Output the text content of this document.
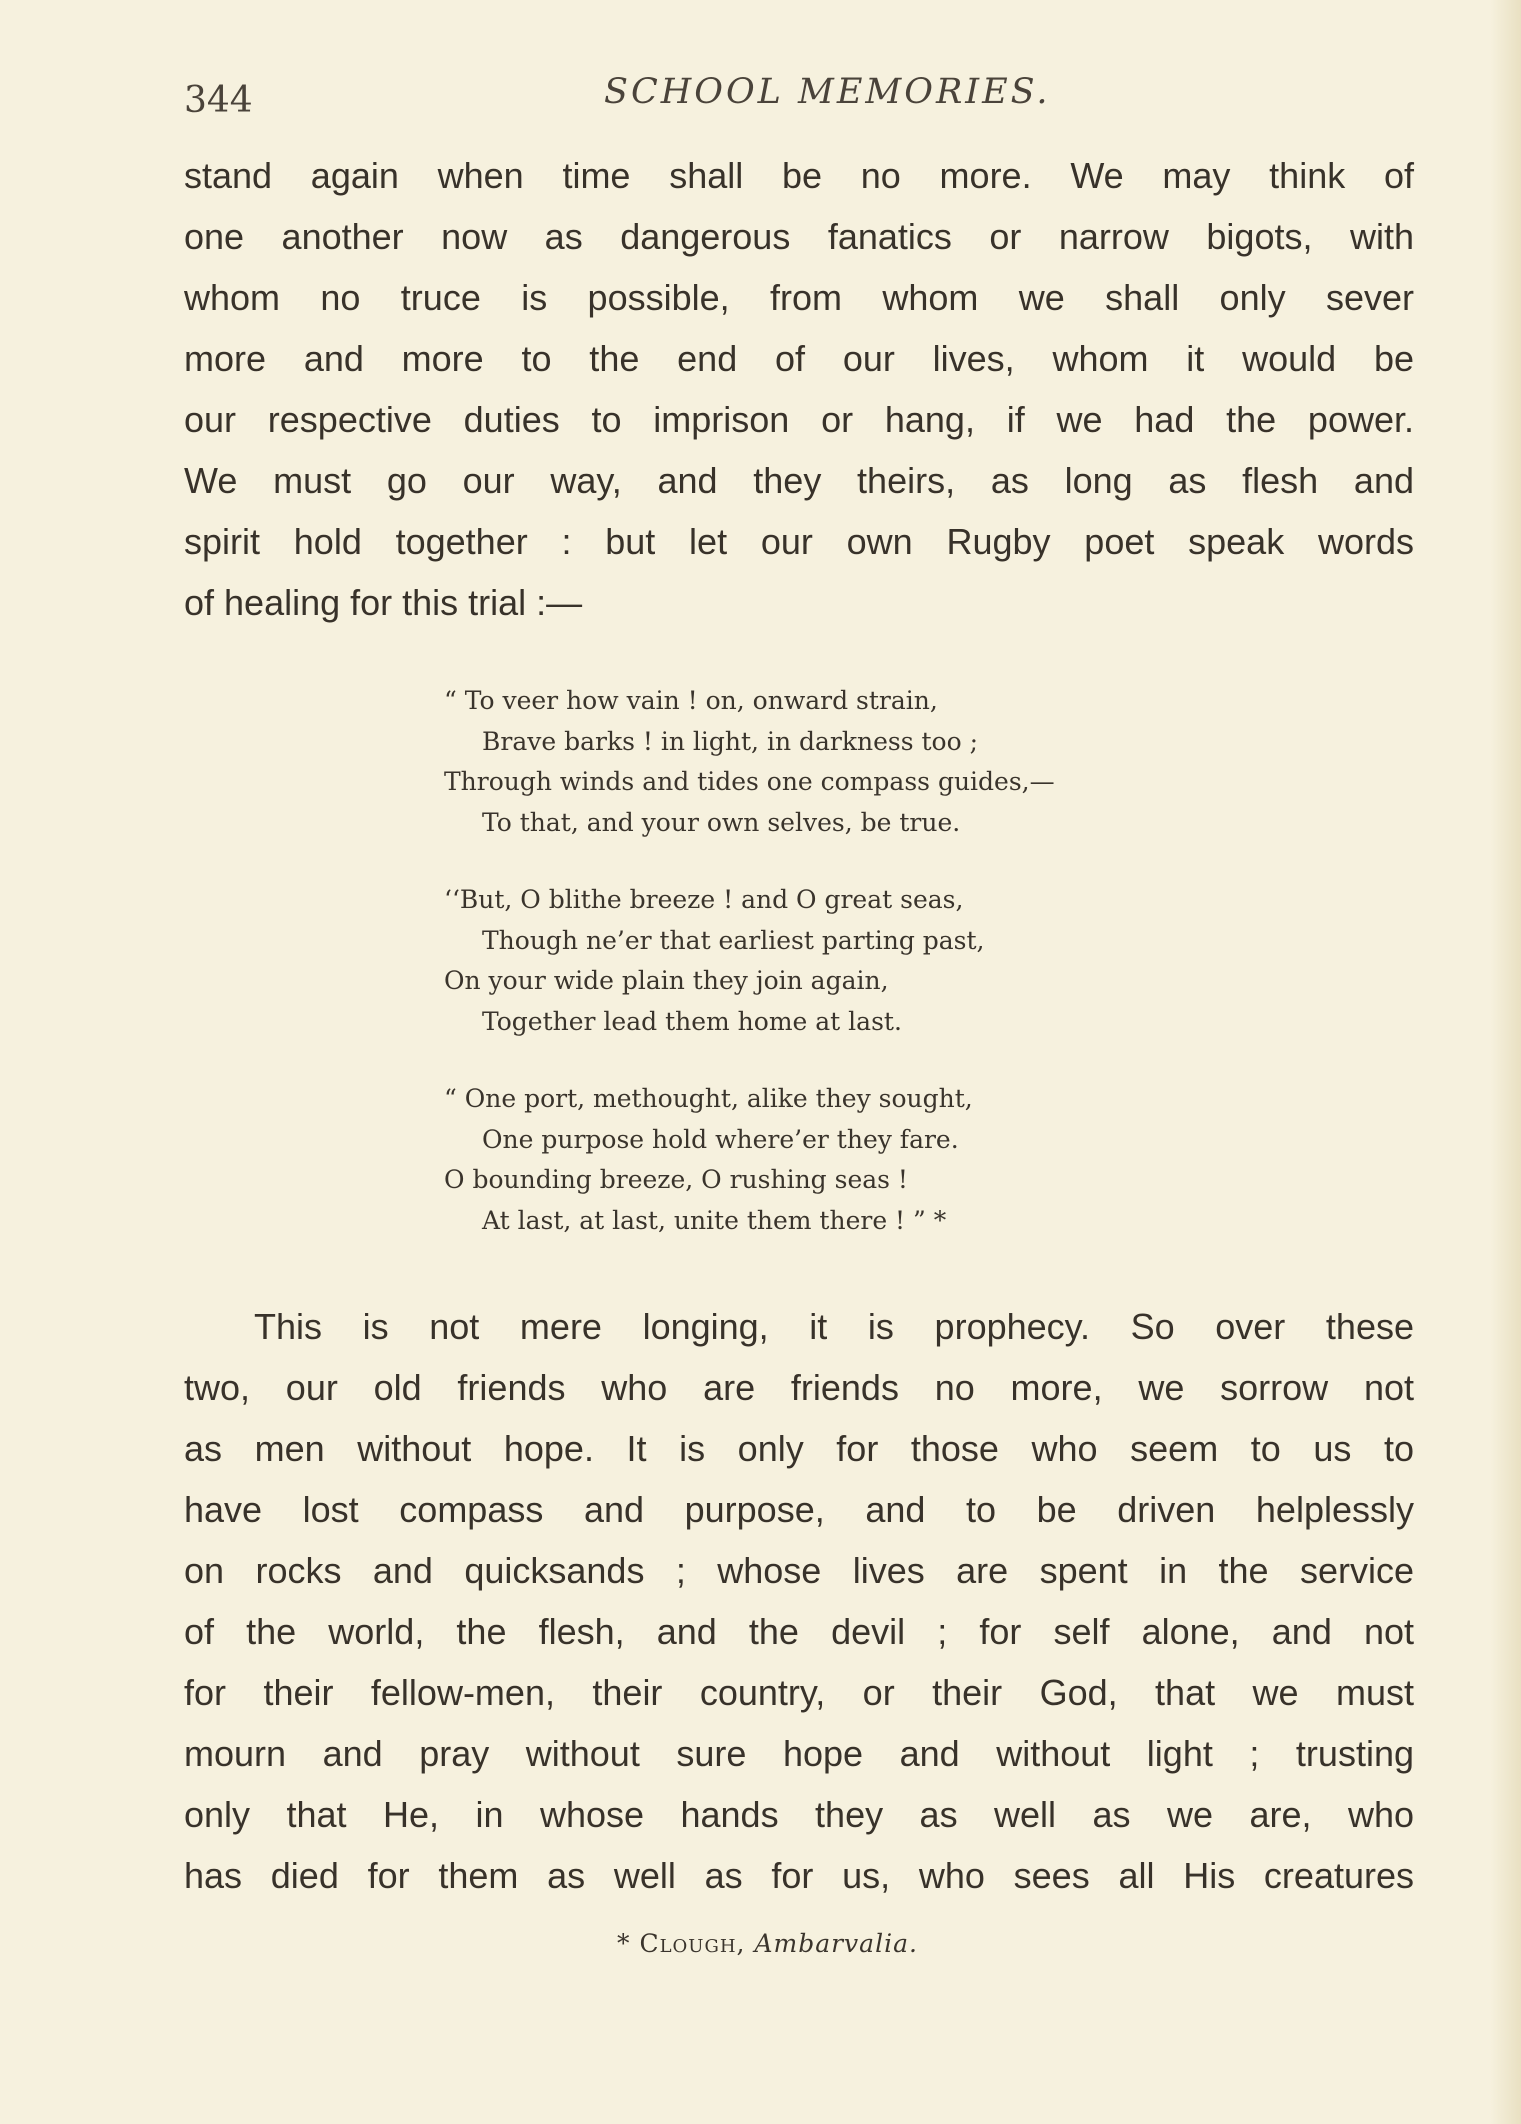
344	SCHOOL MEMORIES.
stand again when time shall be no more. We may think of
one another now as dangerous fanatics or narrow bigots, with
whom no truce is possible, from whom we shall only sever
more and more to the end of our lives, whom it would be
our respective duties to imprison or hang, if we had the power.
We must go our way, and they theirs, as long as flesh and
spirit hold together : but let our own Rugby poet speak words
of healing for this trial :—
“ To veer how vain ! on, onward strain,
Brave barks ! in light, in darkness too ;
Through winds and tides one compass guides,—
To that, and your own selves, be true.
‘‘But, O blithe breeze ! and O great seas,
Though ne’er that earliest parting past,
On your wide plain they join again,
Together lead them home at last.
“ One port, methought, alike they sought,
One purpose hold where’er they fare.
O bounding breeze, O rushing seas !
At last, at last, unite them there ! ” *
This is not mere longing, it is prophecy. So over these
two, our old friends who are friends no more, we sorrow not
as men without hope. It is only for those who seem to us to
have lost compass and purpose, and to be driven helplessly
on rocks and quicksands ; whose lives are spent in the service
of the world, the flesh, and the devil ; for self alone, and not
for their fellow-men, their country, or their God, that we must
mourn and pray without sure hope and without light ; trusting
only that He, in whose hands they as well as we are, who
has died for them as well as for us, who sees all His creatures
* Clough, Ambarvalia.
